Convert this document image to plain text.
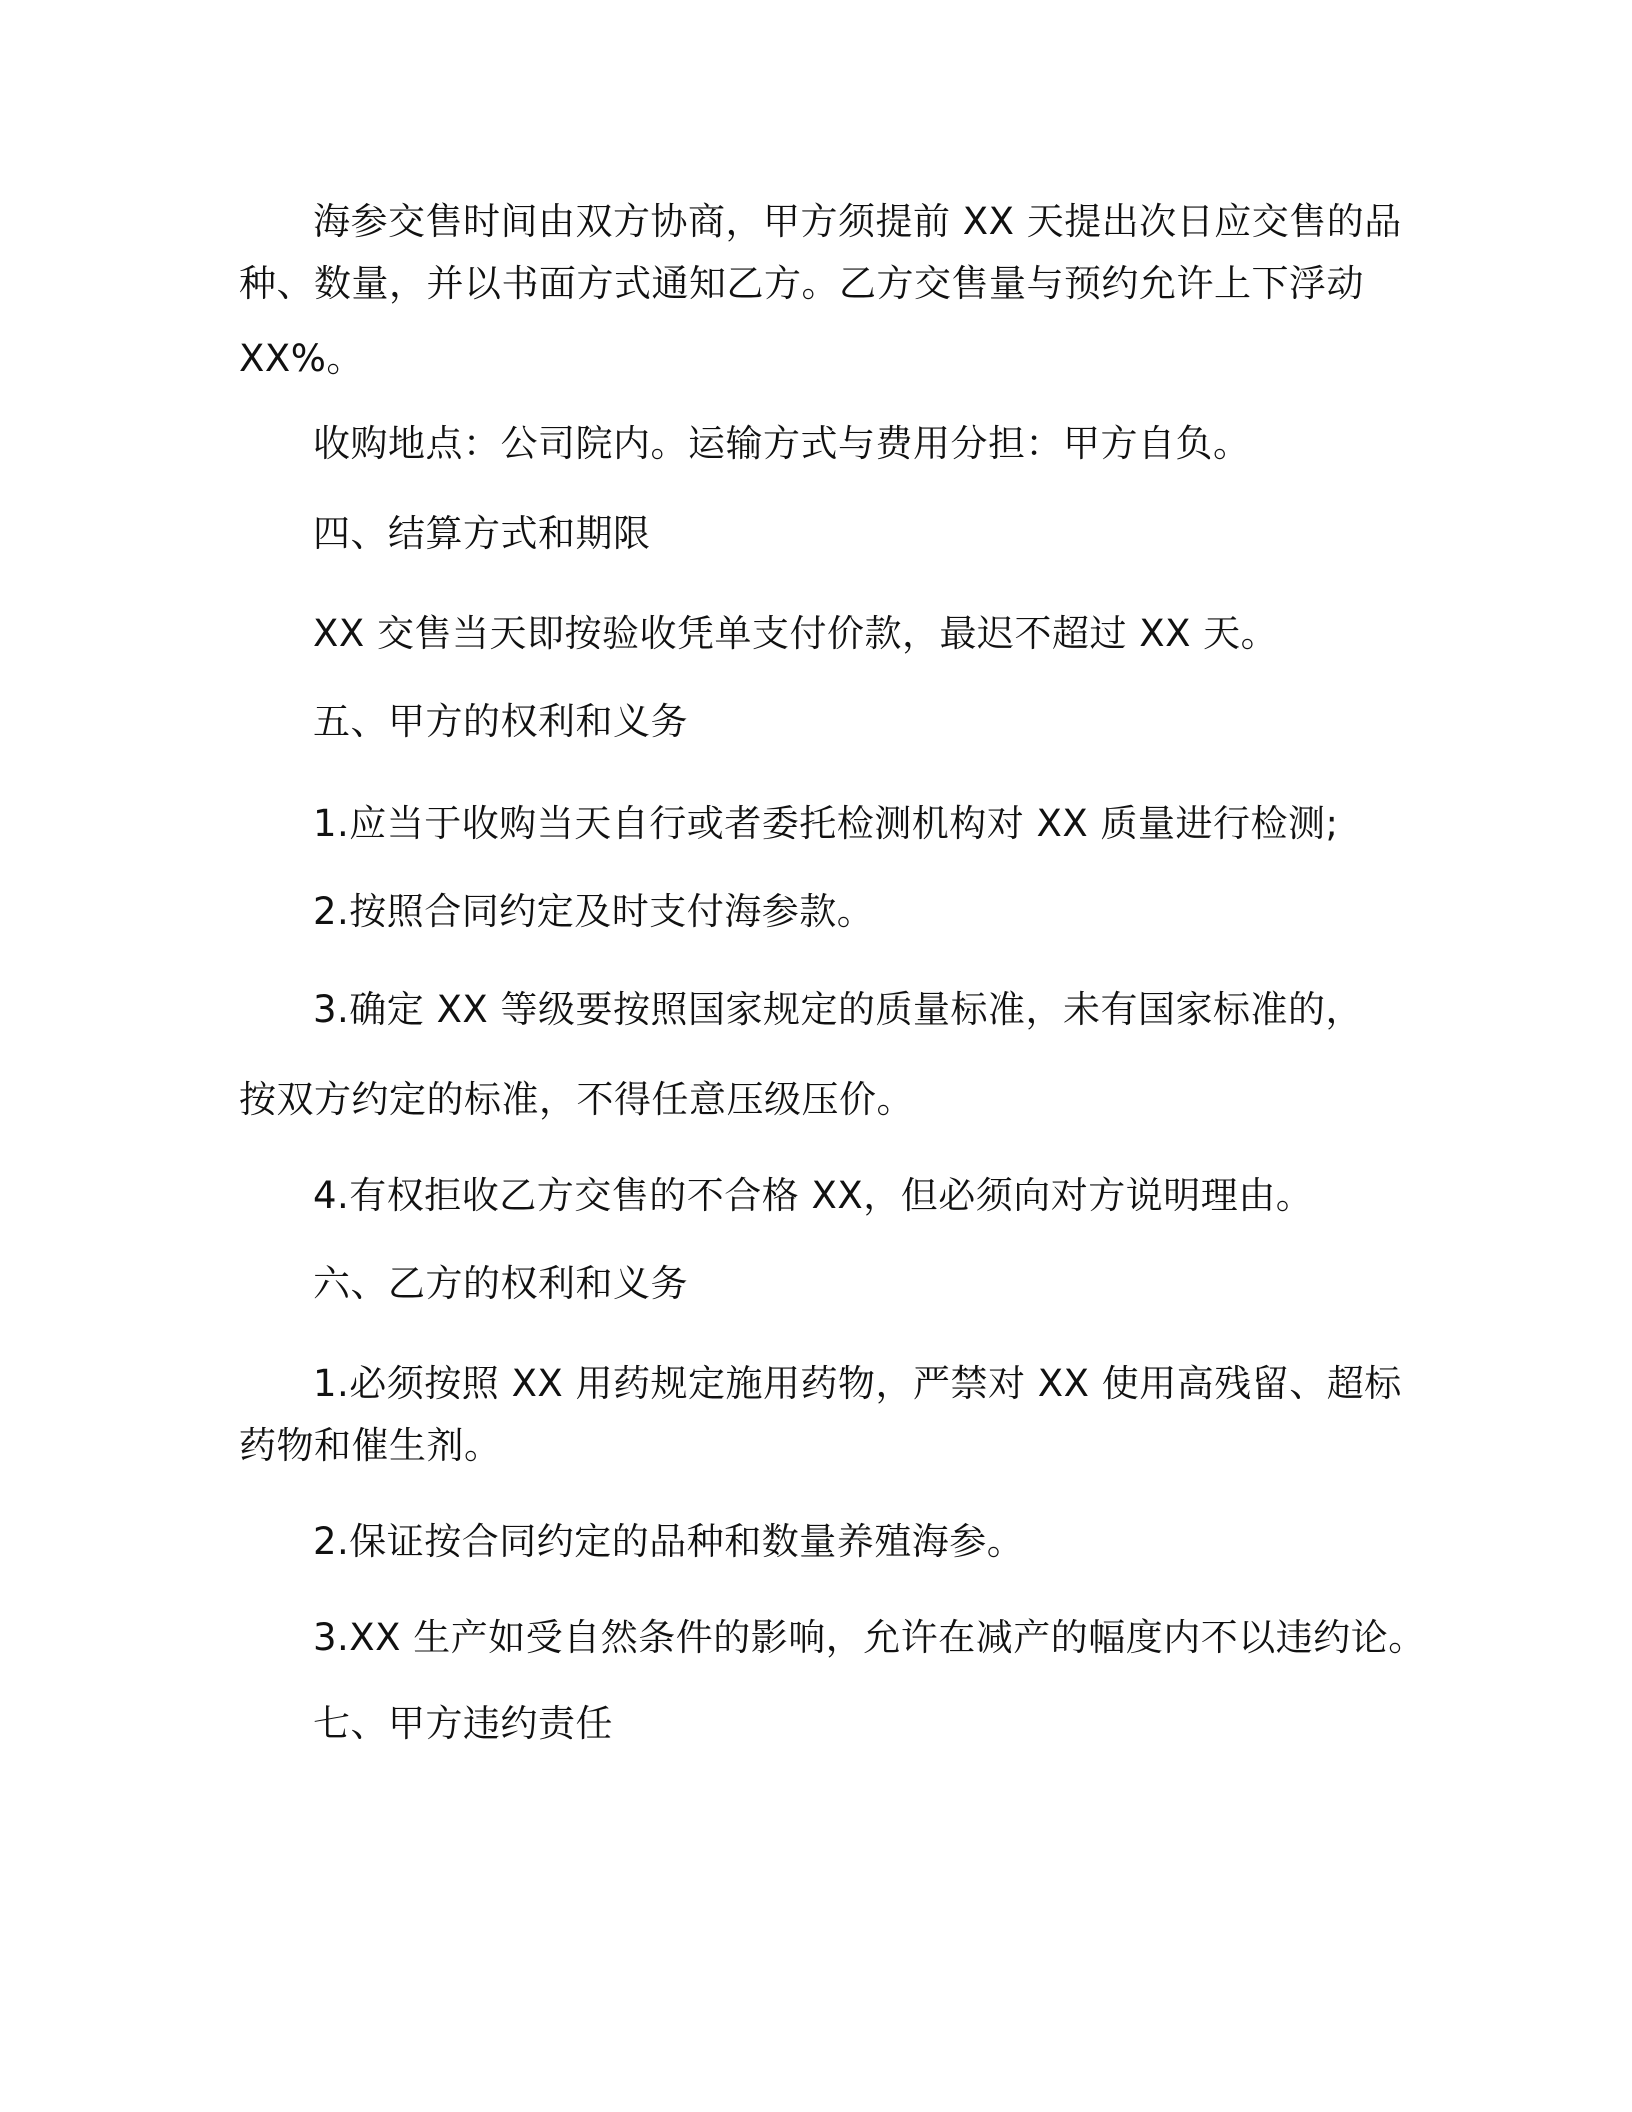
海参交售时间由双方协商，甲方须提前 XX 天提出次日应交售的品
种、数量，并以书面方式通知乙方。乙方交售量与预约允许上下浮动
XX%。
收购地点：公司院内。运输方式与费用分担：甲方自负。
四、结算方式和期限
XX 交售当天即按验收凭单支付价款，最迟不超过 XX 天。
五、甲方的权利和义务
1.应当于收购当天自行或者委托检测机构对 XX 质量进行检测;
2.按照合同约定及时支付海参款。
3.确定 XX 等级要按照国家规定的质量标准，未有国家标准的，
按双方约定的标准，不得任意压级压价。
4.有权拒收乙方交售的不合格 XX，但必须向对方说明理由。
六、乙方的权利和义务
1.必须按照 XX 用药规定施用药物，严禁对 XX 使用高残留、超标
药物和催生剂。
2.保证按合同约定的品种和数量养殖海参。
3.XX 生产如受自然条件的影响，允许在减产的幅度内不以违约论。
七、甲方违约责任
